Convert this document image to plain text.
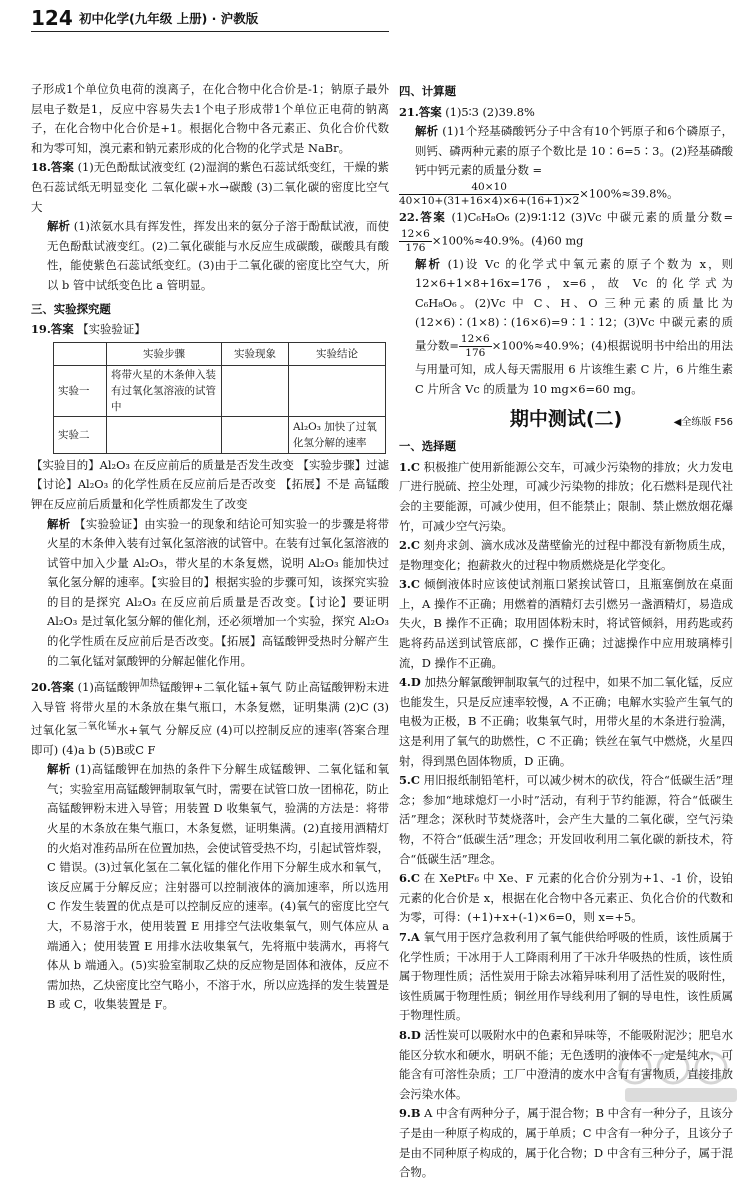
124 初中化学(九年级 上册) · 沪教版

子形成1个单位负电荷的溴离子，在化合物中化合价是-1；钠原子最外层电子数是1，反应中容易失去1个电子形成带1个单位正电荷的钠离子，在化合物中化合价是+1。根据化合物中各元素正、负化合价代数和为零可知，溴元素和钠元素形成的化合物的化学式是 NaBr。

18.答案 (1)无色酚酞试液变红 (2)湿润的紫色石蕊试纸变红，干燥的紫色石蕊试纸无明显变化 二氧化碳+水→碳酸 (3)二氧化碳的密度比空气大

解析 (1)浓氨水具有挥发性，挥发出来的氨分子溶于酚酞试液，而使无色酚酞试液变红。(2)二氧化碳能与水反应生成碳酸，碳酸具有酸性，能使紫色石蕊试纸变红。(3)由于二氧化碳的密度比空气大，所以 b 管中试纸变色比 a 管明显。

三、实验探究题

19.答案 【实验验证】

	实验步骤	实验现象	实验结论
实验一	将带火星的木条伸入装有过氧化氢溶液的试管中		
实验二			Al₂O₃ 加快了过氧化氢分解的速率

【实验目的】Al₂O₃ 在反应前后的质量是否发生改变 【实验步骤】过滤 【讨论】Al₂O₃ 的化学性质在反应前后是否改变 【拓展】不是 高锰酸钾在反应前后质量和化学性质都发生了改变

解析 【实验验证】由实验一的现象和结论可知实验一的步骤是将带火星的木条伸入装有过氧化氢溶液的试管中。在装有过氧化氢溶液的试管中加入少量 Al₂O₃，带火星的木条复燃，说明 Al₂O₃ 能加快过氧化氢分解的速率。【实验目的】根据实验的步骤可知，该探究实验的目的是探究 Al₂O₃ 在反应前后质量是否改变。【讨论】要证明 Al₂O₃ 是过氧化氢分解的催化剂，还必须增加一个实验，探究 Al₂O₃ 的化学性质在反应前后是否改变。【拓展】高锰酸钾受热时分解产生的二氧化锰对氯酸钾的分解起催化作用。

20.答案 (1)高锰酸钾$^{加热}$锰酸钾+二氧化锰+氧气 防止高锰酸钾粉末进入导管 将带火星的木条放在集气瓶口，木条复燃，证明集满 (2)C (3)过氧化氢$^{二氧化锰}$水+氧气 分解反应 (4)可以控制反应的速率(答案合理即可) (4)a b (5)B或C F

解析 (1)高锰酸钾在加热的条件下分解生成锰酸钾、二氧化锰和氧气；实验室用高锰酸钾制取氧气时，需要在试管口放一团棉花，防止高锰酸钾粉末进入导管；用装置 D 收集氧气，验满的方法是：将带火星的木条放在集气瓶口，木条复燃，证明集满。(2)直接用酒精灯的火焰对准药品所在位置加热，会使试管受热不均，引起试管炸裂，C 错误。(3)过氧化氢在二氧化锰的催化作用下分解生成水和氧气，该反应属于分解反应；注射器可以控制液体的滴加速率，所以选用 C 作发生装置的优点是可以控制反应的速率。(4)氧气的密度比空气大，不易溶于水，使用装置 E 用排空气法收集氧气，则气体应从 a 端通入；使用装置 E 用排水法收集氧气，先将瓶中装满水，再将气体从 b 端通入。(5)实验室制取乙炔的反应物是固体和液体，反应不需加热，乙炔密度比空气略小，不溶于水，所以应选择的发生装置是 B 或 C，收集装置是 F。

四、计算题

21.答案 (1)5∶3 (2)39.8%

解析 (1)1个羟基磷酸钙分子中含有10个钙原子和6个磷原子，则钙、磷两种元素的原子个数比是 10∶6=5∶3。(2)羟基磷酸钙中钙元素的质量分数 =

$\frac{40\times 10}{40\times 10+(31+16\times 4)\times 6+(16+1)\times 2} \times 100\%\approx 39.8\%$。

22.答案 (1)C₆H₈O₆ (2)9∶1∶12 (3)Vc 中碳元素的质量分数=
$\frac{12\times 6}{176} \times 100\%\approx 40.9\%$。(4)60 mg

解析 (1)设 Vc 的化学式中氧元素的原子个数为 x，则 12×6+1×8+16x=176，x=6，故 Vc 的化学式为 C₆H₈O₆。(2)Vc 中 C、H、O 三种元素的质量比为(12×6)∶(1×8)∶(16×6)=9∶1∶12；(3)Vc 中碳元素的质量分数= $\frac{12\times 6}{176} \times 100\%\approx 40.9\%$；(4)根据说明书中给出的用法与用量可知，成人每天需服用 6 片该维生素 C 片，6 片维生素 C 片所含 Vc 的质量为 10 mg×6=60 mg。

期中测试(二)	◀全练版 F56
一、选择题

1.C 积极推广使用新能源公交车，可减少污染物的排放；火力发电厂进行脱硫、控尘处理，可减少污染物的排放；化石燃料是现代社会的主要能源，可减少使用，但不能禁止；限制、禁止燃放烟花爆竹，可减少空气污染。

2.C 刻舟求剑、滴水成冰及凿壁偷光的过程中都没有新物质生成，是物理变化；抱薪救火的过程中物质燃烧是化学变化。

3.C 倾倒液体时应该使试剂瓶口紧挨试管口，且瓶塞倒放在桌面上，A 操作不正确；用燃着的酒精灯去引燃另一盏酒精灯，易造成失火，B 操作不正确；取用固体粉末时，将试管倾斜，用药匙或药匙将药品送到试管底部，C 操作正确；过滤操作中应用玻璃棒引流，D 操作不正确。

4.D 加热分解氯酸钾制取氧气的过程中，如果不加二氧化锰，反应也能发生，只是反应速率较慢，A 不正确；电解水实验产生氧气的电极为正极，B 不正确；收集氧气时，用带火星的木条进行验满，这是利用了氧气的助燃性，C 不正确；铁丝在氧气中燃烧，火星四射，得到黑色固体物质，D 正确。

5.C 用旧报纸制铅笔杆，可以减少树木的砍伐，符合“低碳生活”理念；参加“地球熄灯一小时”活动，有利于节约能源，符合“低碳生活”理念；深秋时节焚烧落叶，会产生大量的二氧化碳，空气污染物，不符合“低碳生活”理念；开发回收利用二氧化碳的新技术，符合“低碳生活”理念。

6.C 在 XePtF₆ 中 Xe、F 元素的化合价分别为+1、-1 价，设铂元素的化合价是 x，根据在化合物中各元素正、负化合价的代数和为零，可得：(+1)+x+(-1)×6=0，则 x=+5。

7.A 氧气用于医疗急救利用了氧气能供给呼吸的性质，该性质属于化学性质；干冰用于人工降雨利用了干冰升华吸热的性质，该性质属于物理性质；活性炭用于除去冰箱异味利用了活性炭的吸附性，该性质属于物理性质；铜丝用作导线利用了铜的导电性，该性质属于物理性质。

8.D 活性炭可以吸附水中的色素和异味等，不能吸附泥沙；肥皂水能区分软水和硬水，明矾不能；无色透明的液体不一定是纯水，可能含有可溶性杂质；工厂中澄清的废水中含有有害物质，直接排放会污染水体。

9.B A 中含有两种分子，属于混合物；B 中含有一种分子，且该分子是由一种原子构成的，属于单质；C 中含有一种分子，且该分子是由不同种原子构成的，属于化合物；D 中含有三种分子，属于混合物。
